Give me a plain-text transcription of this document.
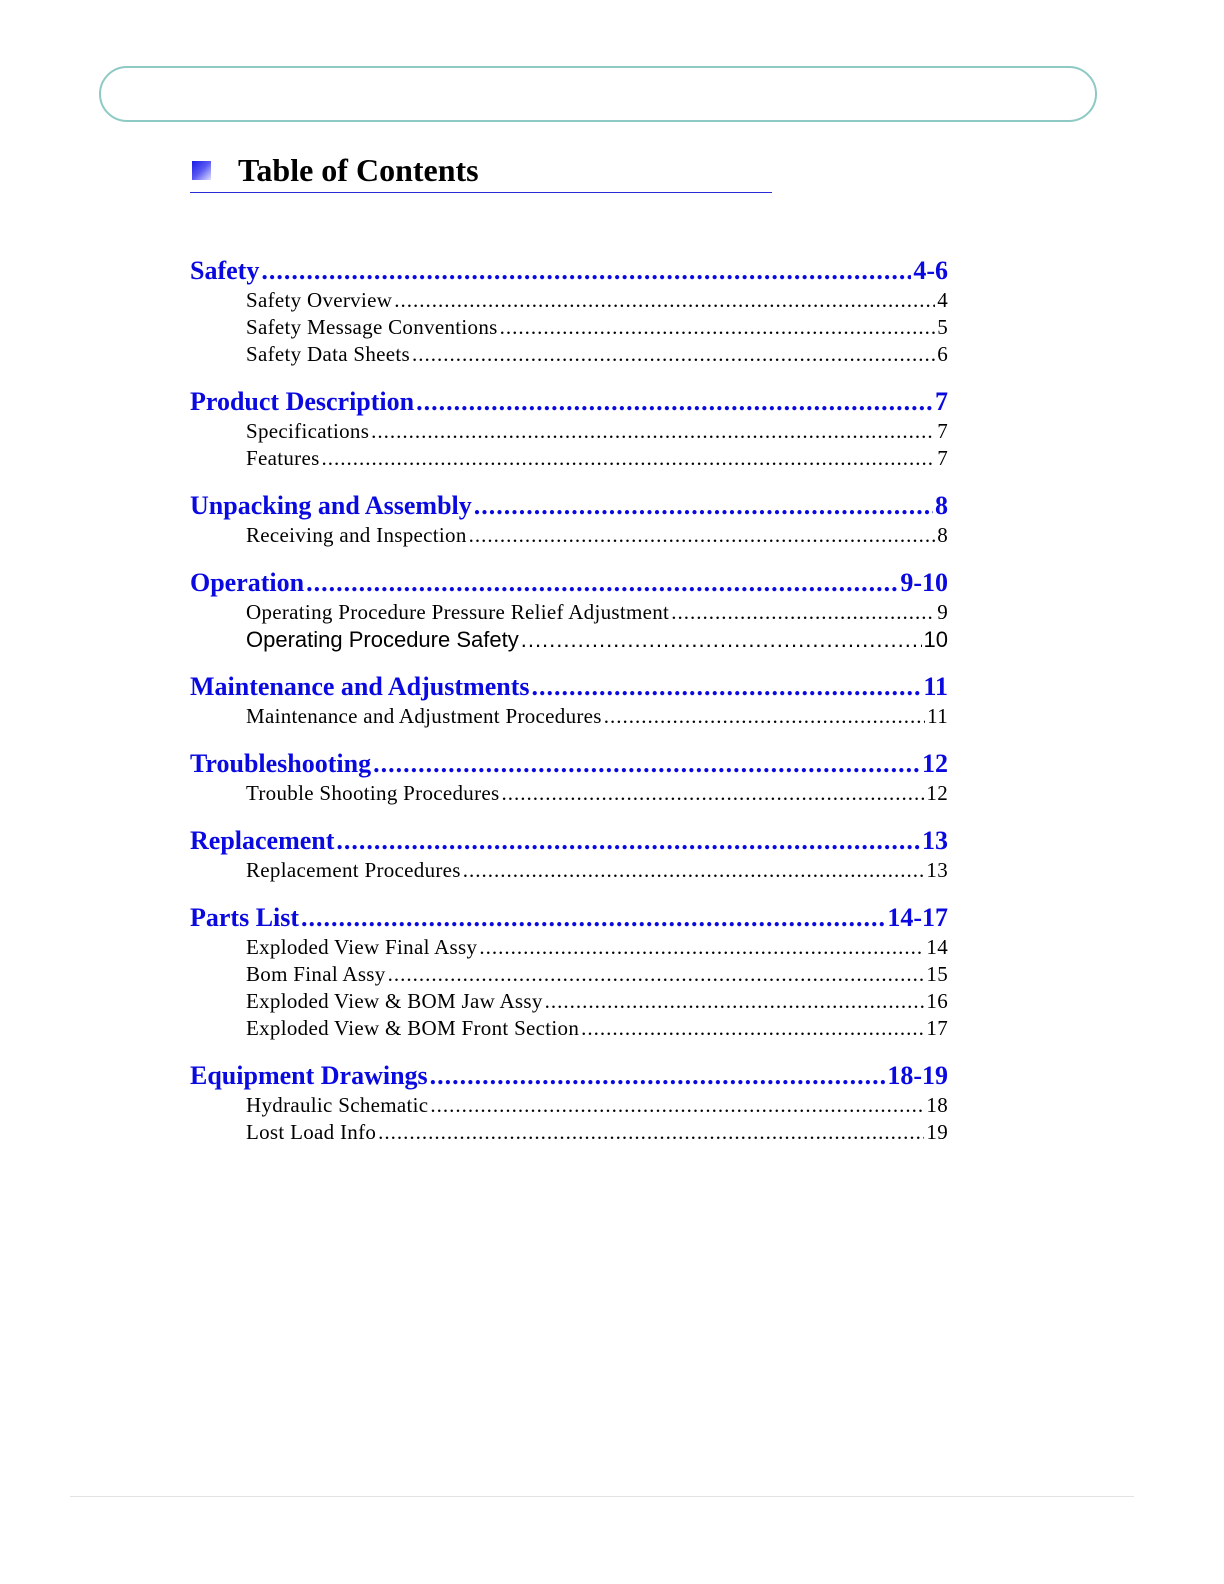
Table of Contents
Safety .....	4-6
Safety Overview .....	4
Safety Message Conventions .....	5
Safety Data Sheets .....	6
Product Description .....	7
Specifications .....	7
Features .....	7
Unpacking and Assembly .....	8
Receiving and Inspection .....	8
Operation .....	9-10
Operating Procedure Pressure Relief Adjustment .....	9
Operating Procedure Safety .....	10
Maintenance and Adjustments .....	11
Maintenance and Adjustment Procedures .....	11
Troubleshooting .....	12
Trouble Shooting Procedures .....	12
Replacement .....	13
Replacement Procedures .....	13
Parts List .....	14-17
Exploded View Final Assy .....	14
Bom Final Assy .....	15
Exploded View & BOM Jaw Assy .....	16
Exploded View & BOM Front Section .....	17
Equipment Drawings .....	18-19
Hydraulic Schematic .....	18
Lost Load Info .....	19
